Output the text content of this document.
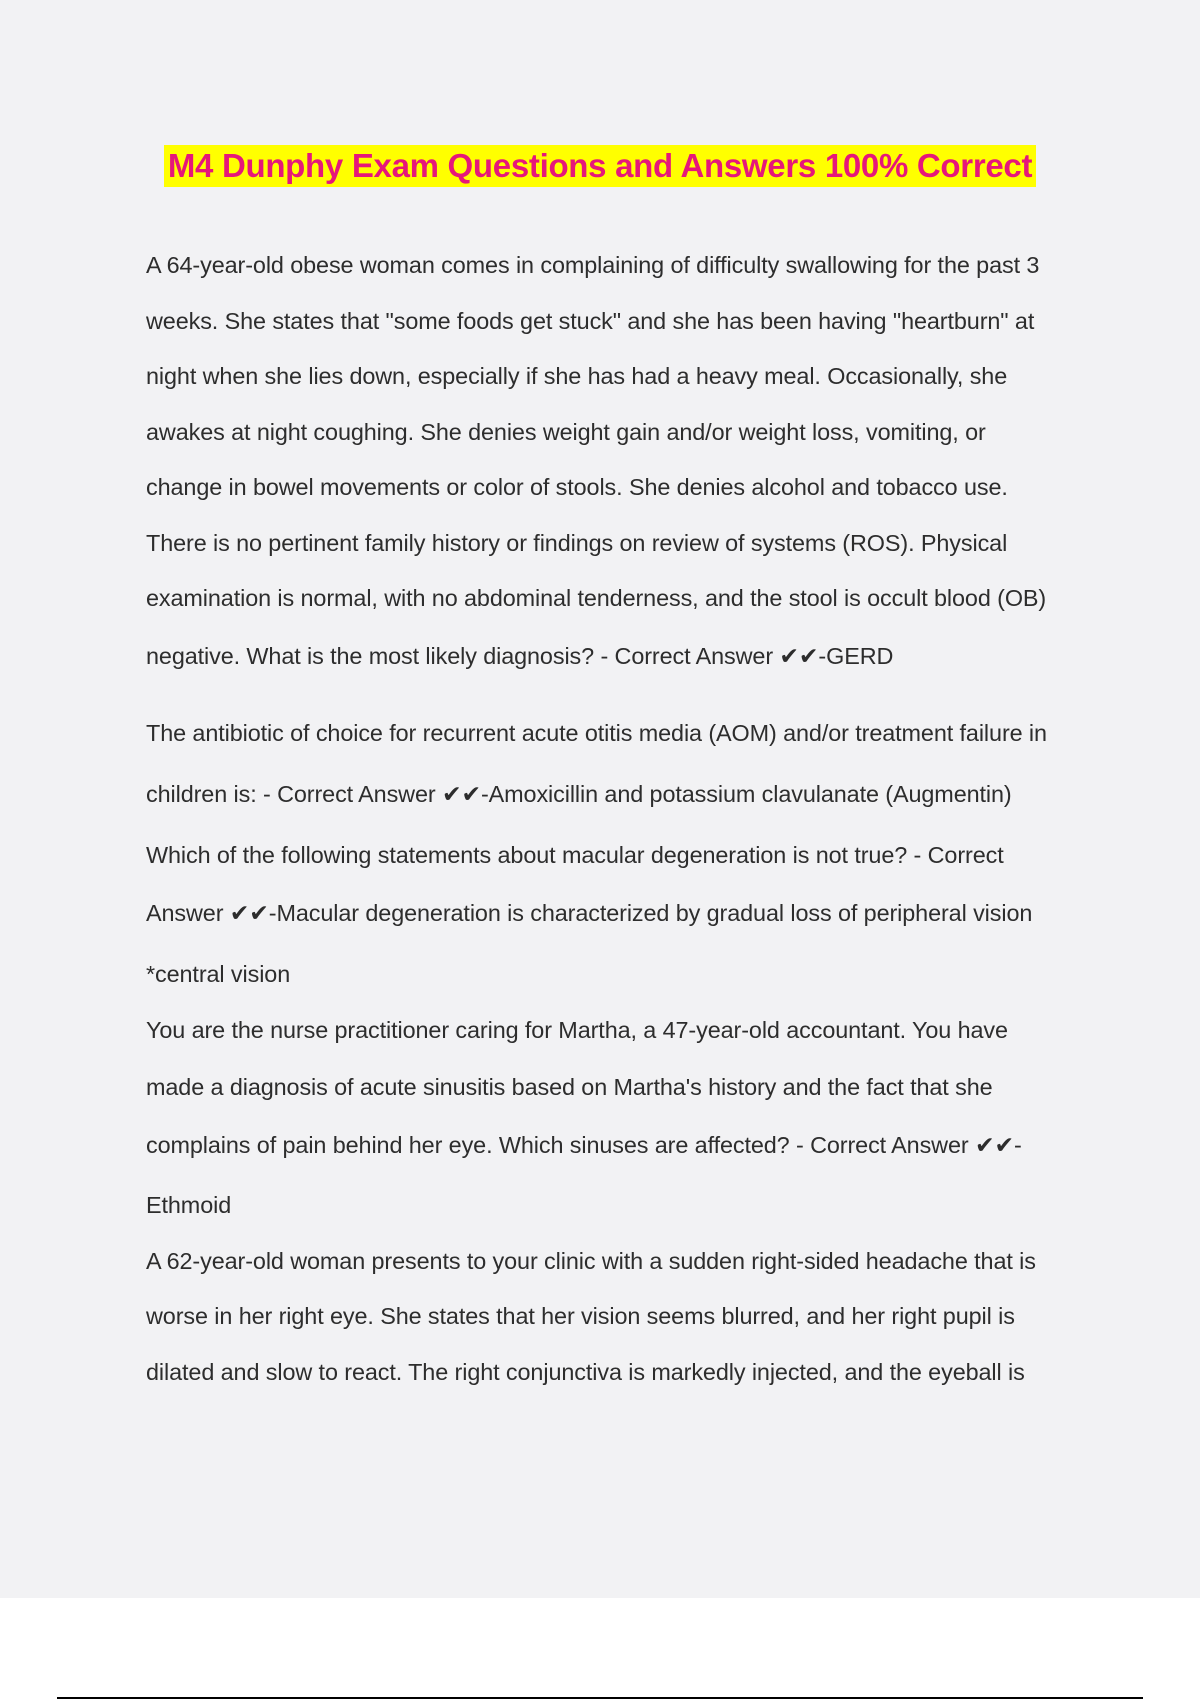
M4 Dunphy Exam Questions and Answers 100% Correct
A 64-year-old obese woman comes in complaining of difficulty swallowing for the past 3
weeks. She states that "some foods get stuck" and she has been having "heartburn" at
night when she lies down, especially if she has had a heavy meal. Occasionally, she
awakes at night coughing. She denies weight gain and/or weight loss, vomiting, or
change in bowel movements or color of stools. She denies alcohol and tobacco use.
There is no pertinent family history or findings on review of systems (ROS). Physical
examination is normal, with no abdominal tenderness, and the stool is occult blood (OB)
negative. What is the most likely diagnosis? - Correct Answer ✔✔-GERD
The antibiotic of choice for recurrent acute otitis media (AOM) and/or treatment failure in
children is: - Correct Answer ✔✔-Amoxicillin and potassium clavulanate (Augmentin)
Which of the following statements about macular degeneration is not true? - Correct
Answer ✔✔-Macular degeneration is characterized by gradual loss of peripheral vision
*central vision
You are the nurse practitioner caring for Martha, a 47-year-old accountant. You have
made a diagnosis of acute sinusitis based on Martha's history and the fact that she
complains of pain behind her eye. Which sinuses are affected? - Correct Answer ✔✔-
Ethmoid
A 62-year-old woman presents to your clinic with a sudden right-sided headache that is
worse in her right eye. She states that her vision seems blurred, and her right pupil is
dilated and slow to react. The right conjunctiva is markedly injected, and the eyeball is
